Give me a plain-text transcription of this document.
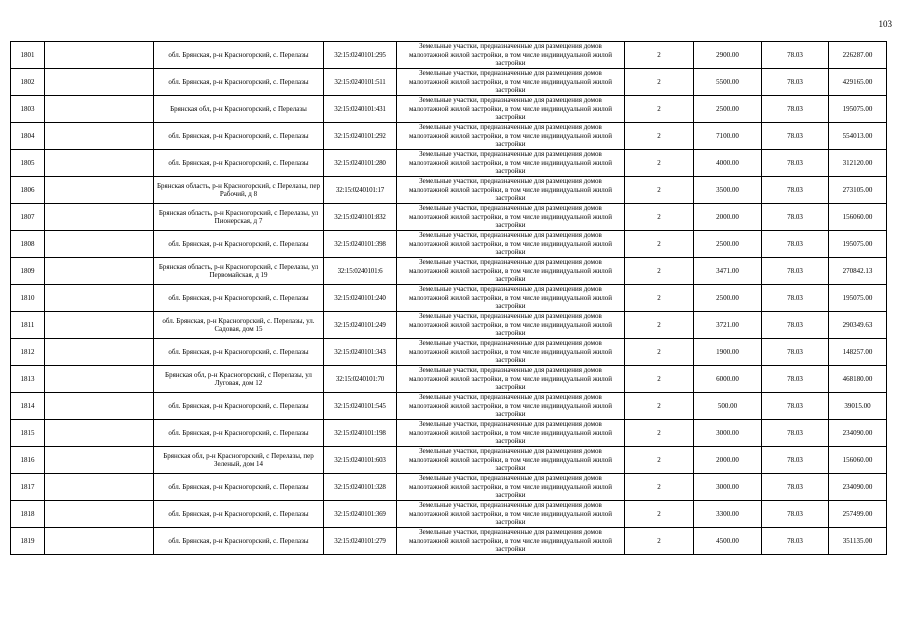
103
1801		обл. Брянская, р-н Красногорский, с. Перелазы	32:15:0240101:295	Земельные участки, предназначенные для размещения домов малоэтажной жилой застройки, в том числе индивидуальной жилой застройки	2	2900.00	78.03	226287.00
1802		обл. Брянская, р-н Красногорский, с. Перелазы	32:15:0240101:511	Земельные участки, предназначенные для размещения домов малоэтажной жилой застройки, в том числе индивидуальной жилой застройки	2	5500.00	78.03	429165.00
1803		Брянская обл, р-н Красногорский, с Перелазы	32:15:0240101:431	Земельные участки, предназначенные для размещения домов малоэтажной жилой застройки, в том числе индивидуальной жилой застройки	2	2500.00	78.03	195075.00
1804		обл. Брянская, р-н Красногорский, с. Перелазы	32:15:0240101:292	Земельные участки, предназначенные для размещения домов малоэтажной жилой застройки, в том числе индивидуальной жилой застройки	2	7100.00	78.03	554013.00
1805		обл. Брянская, р-н Красногорский, с. Перелазы	32:15:0240101:280	Земельные участки, предназначенные для размещения домов малоэтажной жилой застройки, в том числе индивидуальной жилой застройки	2	4000.00	78.03	312120.00
1806		Брянская область, р-н Красногорский, с Перелазы, пер Рабочий, д 8	32:15:0240101:17	Земельные участки, предназначенные для размещения домов малоэтажной жилой застройки, в том числе индивидуальной жилой застройки	2	3500.00	78.03	273105.00
1807		Брянская область, р-н Красногорский, с Перелазы, ул Пионерская, д 7	32:15:0240101:832	Земельные участки, предназначенные для размещения домов малоэтажной жилой застройки, в том числе индивидуальной жилой застройки	2	2000.00	78.03	156060.00
1808		обл. Брянская, р-н Красногорский, с. Перелазы	32:15:0240101:398	Земельные участки, предназначенные для размещения домов малоэтажной жилой застройки, в том числе индивидуальной жилой застройки	2	2500.00	78.03	195075.00
1809		Брянская область, р-н Красногорский, с Перелазы, ул Первомайская, д 19	32:15:0240101:6	Земельные участки, предназначенные для размещения домов малоэтажной жилой застройки, в том числе индивидуальной жилой застройки	2	3471.00	78.03	270842.13
1810		обл. Брянская, р-н Красногорский, с. Перелазы	32:15:0240101:240	Земельные участки, предназначенные для размещения домов малоэтажной жилой застройки, в том числе индивидуальной жилой застройки	2	2500.00	78.03	195075.00
1811		обл. Брянская, р-н Красногорский, с. Перелазы, ул. Садовая, дом 15	32:15:0240101:249	Земельные участки, предназначенные для размещения домов малоэтажной жилой застройки, в том числе индивидуальной жилой застройки	2	3721.00	78.03	290349.63
1812		обл. Брянская, р-н Красногорский, с. Перелазы	32:15:0240101:343	Земельные участки, предназначенные для размещения домов малоэтажной жилой застройки, в том числе индивидуальной жилой застройки	2	1900.00	78.03	148257.00
1813		Брянская обл, р-н Красногорский, с Перелазы, ул Луговая, дом 12	32:15:0240101:70	Земельные участки, предназначенные для размещения домов малоэтажной жилой застройки, в том числе индивидуальной жилой застройки	2	6000.00	78.03	468180.00
1814		обл. Брянская, р-н Красногорский, с. Перелазы	32:15:0240101:545	Земельные участки, предназначенные для размещения домов малоэтажной жилой застройки, в том числе индивидуальной жилой застройки	2	500.00	78.03	39015.00
1815		обл. Брянская, р-н Красногорский, с. Перелазы	32:15:0240101:198	Земельные участки, предназначенные для размещения домов малоэтажной жилой застройки, в том числе индивидуальной жилой застройки	2	3000.00	78.03	234090.00
1816		Брянская обл, р-н Красногорский, с Перелазы, пер Зеленый, дом 14	32:15:0240101:603	Земельные участки, предназначенные для размещения домов малоэтажной жилой застройки, в том числе индивидуальной жилой застройки	2	2000.00	78.03	156060.00
1817		обл. Брянская, р-н Красногорский, с. Перелазы	32:15:0240101:328	Земельные участки, предназначенные для размещения домов малоэтажной жилой застройки, в том числе индивидуальной жилой застройки	2	3000.00	78.03	234090.00
1818		обл. Брянская, р-н Красногорский, с. Перелазы	32:15:0240101:369	Земельные участки, предназначенные для размещения домов малоэтажной жилой застройки, в том числе индивидуальной жилой застройки	2	3300.00	78.03	257499.00
1819		обл. Брянская, р-н Красногорский, с. Перелазы	32:15:0240101:279	Земельные участки, предназначенные для размещения домов малоэтажной жилой застройки, в том числе индивидуальной жилой застройки	2	4500.00	78.03	351135.00
